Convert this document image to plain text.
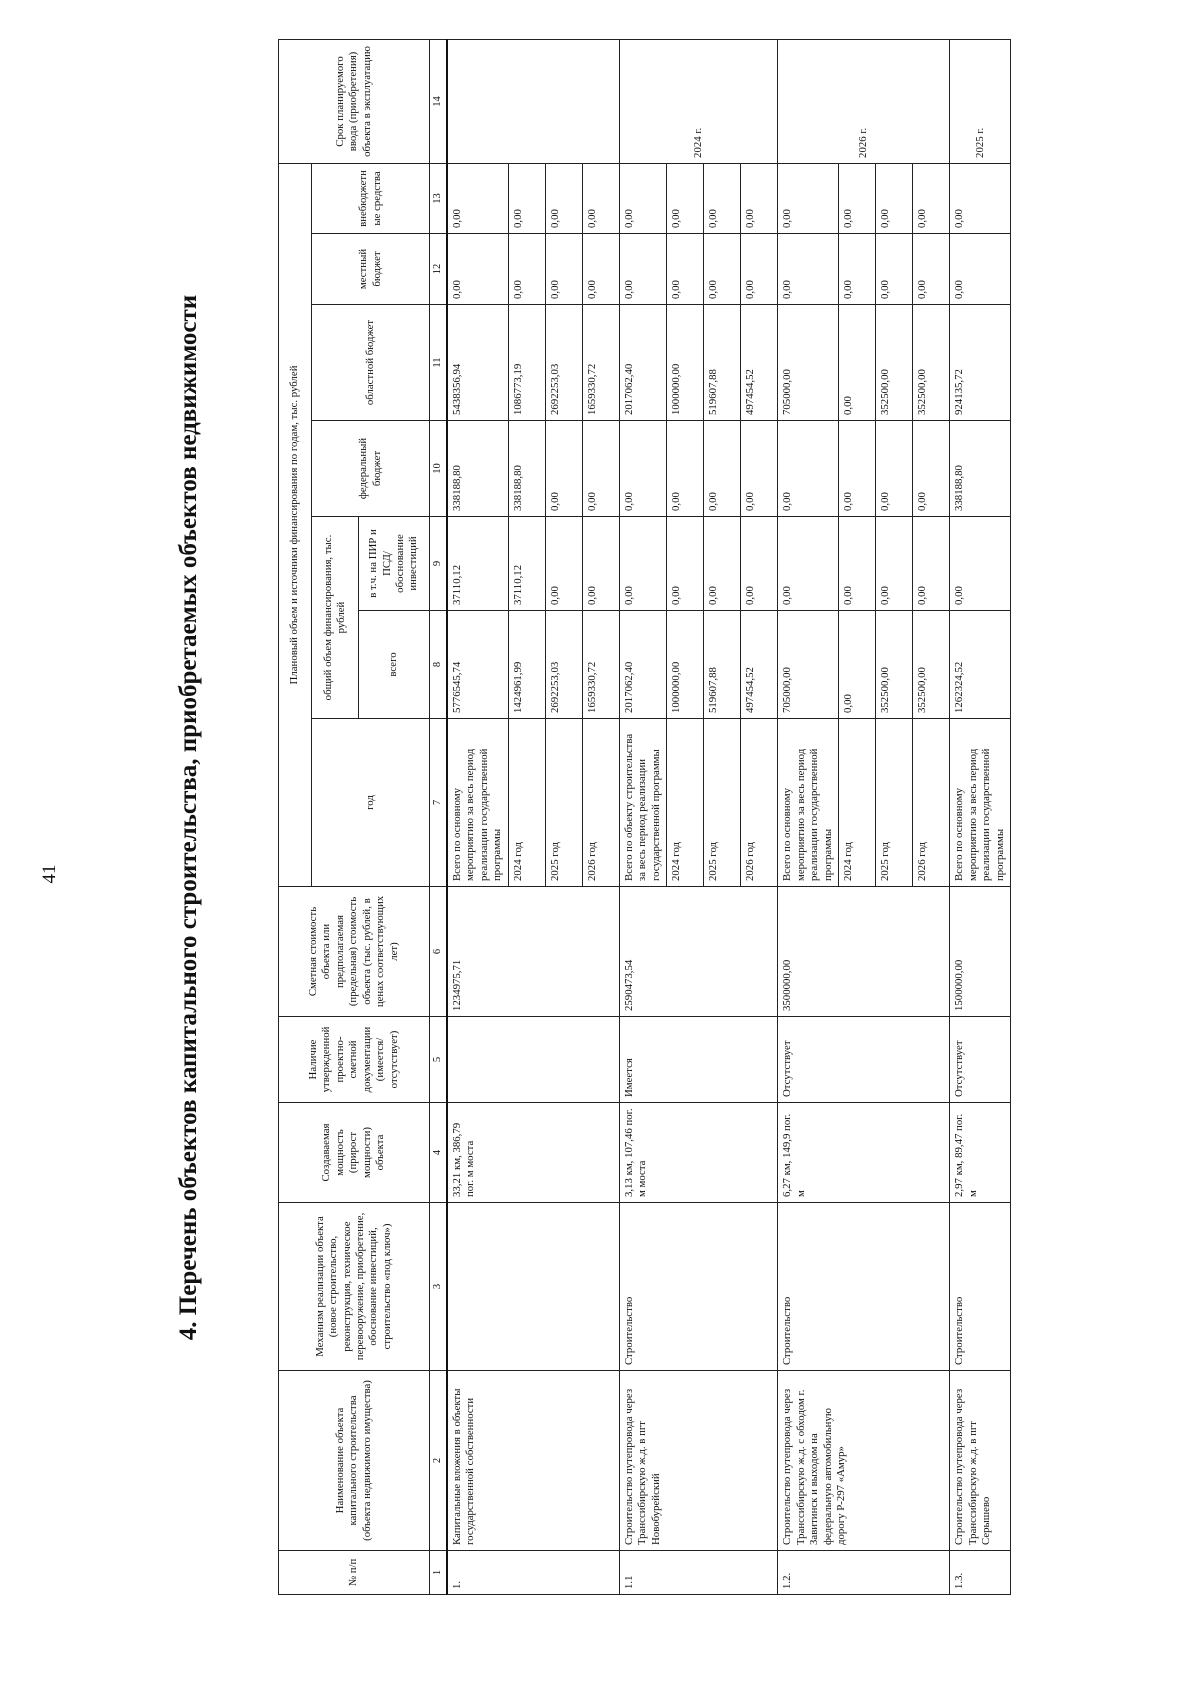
41	4. Перечень объектов капитального строительства, приобретаемых объектов недвижимости
№ п/п	Наименование объекта капитального строительства (объекта недвижимого имущества)	Механизм реализации объекта (новое строительство, реконструкция, техническое перевооружение, приобретение, обоснование инвестиций, строительство «под ключ»)	Создаваемая мощность (прирост мощности) объекта	Наличие утвержденной проектно-сметной документации (имеется/отсутствует)	Сметная стоимость объекта или предполагаемая (предельная) стоимость объекта (тыс. рублей, в ценах соответствующих лет)	Плановый объем и источники финансирования по годам, тыс. рублей							Срок планируемого ввода (приобретения) объекта в эксплуатацию
						год	общий объем финансирования, тыс. рублей		федеральный бюджет	областной бюджет	местный бюджет	внебюджетные средства	
							всего	в т.ч. на ПИР и ПСД/обоснование инвестиций					
1	2	3	4	5	6	7	8	9	10	11	12	13	14
1.	Капитальные вложения в объекты государственной собственности		33,21 км, 386,79 пог. м моста		1234975,71	Всего по основному мероприятию за весь период реализации государственной программы	5776545,74	37110,12	338188,80	5438356,94	0,00	0,00	
						2024 год	1424961,99	37110,12	338188,80	1086773,19	0,00	0,00	
						2025 год	2692253,03	0,00	0,00	2692253,03	0,00	0,00	
						2026 год	1659330,72	0,00	0,00	1659330,72	0,00	0,00	
1.1	Строительство путепровода через Транссибирскую ж.д. в пгт Новобурейский	Строительство	3,13 км, 107,46 пог. м моста	Имеется	2590473,54	Всего по объекту строительства за весь период реализации государственной программы	2017062,40	0,00	0,00	2017062,40	0,00	0,00	2024 г.
						2024 год	1000000,00	0,00	0,00	1000000,00	0,00	0,00	
						2025 год	519607,88	0,00	0,00	519607,88	0,00	0,00	
						2026 год	497454,52	0,00	0,00	497454,52	0,00	0,00	
1.2.	Строительство путепровода через Транссибирскую ж.д. с обходом г. Завитинск и выходом на федеральную автомобильную дорогу Р-297 «Амур»	Строительство	6,27 км, 149,9 пог. м	Отсутствует	3500000,00	Всего по основному мероприятию за весь период реализации государственной программы	705000,00	0,00	0,00	705000,00	0,00	0,00	2026 г.
						2024 год	0,00	0,00	0,00	0,00	0,00	0,00	
						2025 год	352500,00	0,00	0,00	352500,00	0,00	0,00	
						2026 год	352500,00	0,00	0,00	352500,00	0,00	0,00	
1.3.	Строительство путепровода через Транссибирскую ж.д. в пгт Серышево	Строительство	2,97 км, 89,47 пог. м	Отсутствует	1500000,00	Всего по основному мероприятию за весь период реализации государственной программы	1262324,52	0,00	338188,80	924135,72	0,00	0,00	2025 г.
